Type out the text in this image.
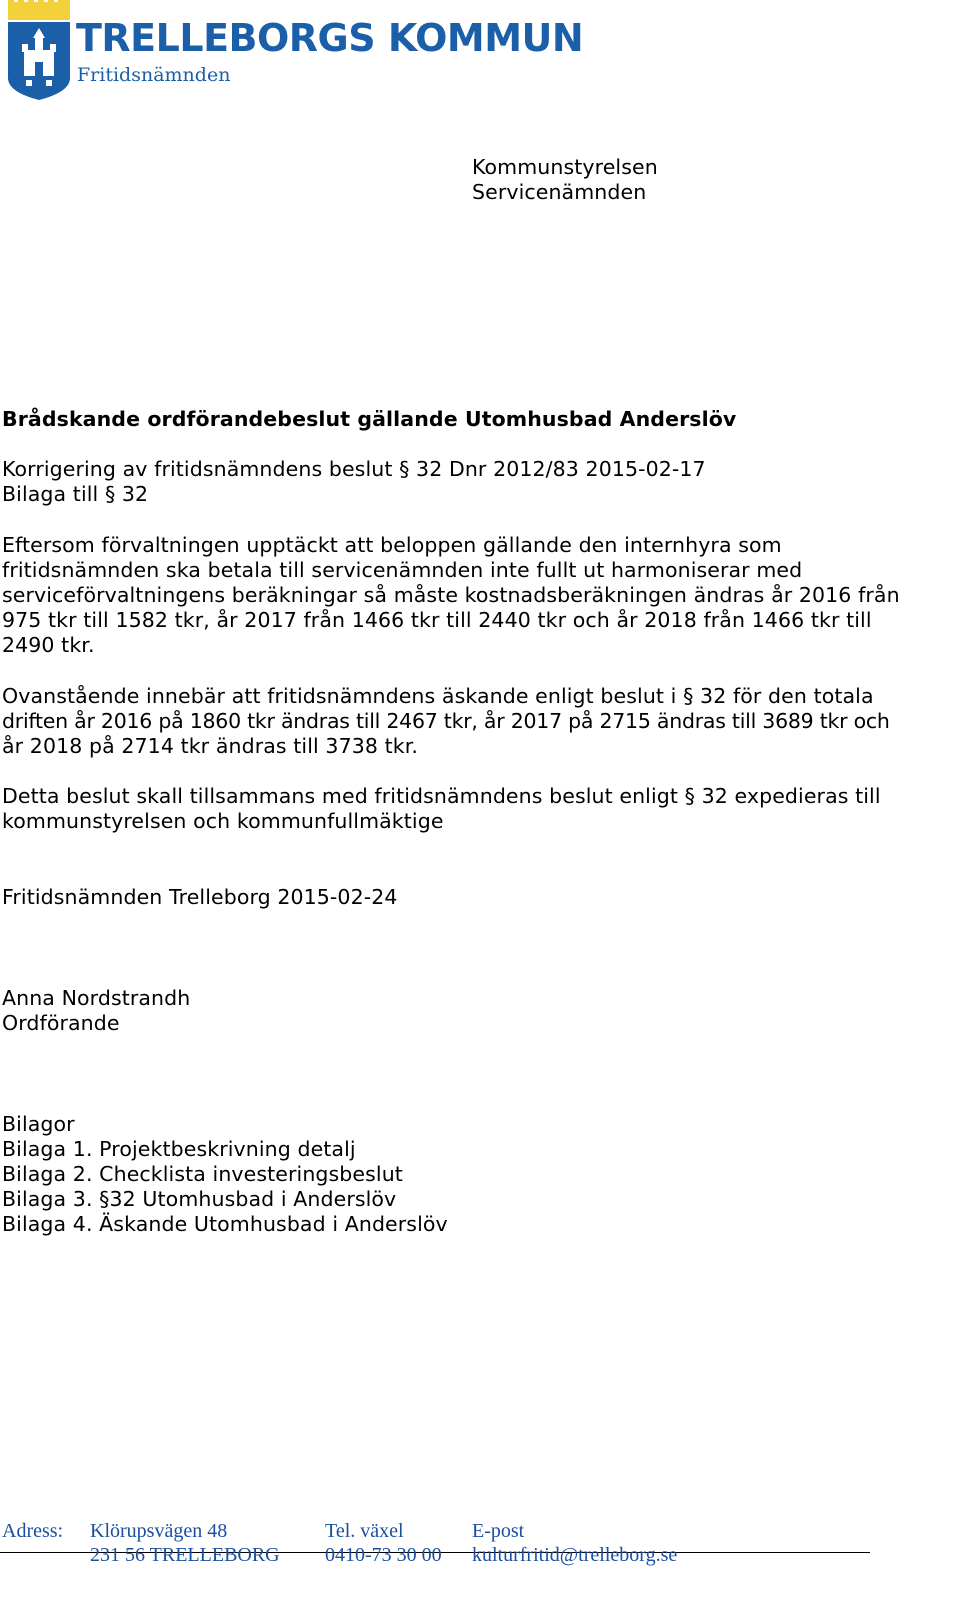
TRELLEBORGS KOMMUN
Fritidsnämnden
Kommunstyrelsen
Servicenämnden
Brådskande ordförandebeslut gällande Utomhusbad Anderslöv
Korrigering av fritidsnämndens beslut § 32 Dnr 2012/83 2015-02-17
Bilaga till § 32
Eftersom förvaltningen upptäckt att beloppen gällande den internhyra som
fritidsnämnden ska betala till servicenämnden inte fullt ut harmoniserar med
serviceförvaltningens beräkningar så måste kostnadsberäkningen ändras år 2016 från
975 tkr till 1582 tkr, år 2017 från 1466 tkr till 2440 tkr och år 2018 från 1466 tkr till
2490 tkr.
Ovanstående innebär att fritidsnämndens äskande enligt beslut i § 32 för den totala
driften år 2016 på 1860 tkr ändras till 2467 tkr, år 2017 på 2715 ändras till 3689 tkr och
år 2018 på 2714 tkr ändras till 3738 tkr.
Detta beslut skall tillsammans med fritidsnämndens beslut enligt § 32 expedieras till
kommunstyrelsen och kommunfullmäktige
Fritidsnämnden Trelleborg 2015-02-24
Anna Nordstrandh
Ordförande
Bilagor
Bilaga 1. Projektbeskrivning detalj
Bilaga 2. Checklista investeringsbeslut
Bilaga 3. §32 Utomhusbad i Anderslöv
Bilaga 4. Äskande Utomhusbad i Anderslöv
Adress: Klörupsvägen 48
231 56 TRELLEBORG
Tel. växel
0410-73 30 00
E-post
kulturfritid@trelleborg.se
